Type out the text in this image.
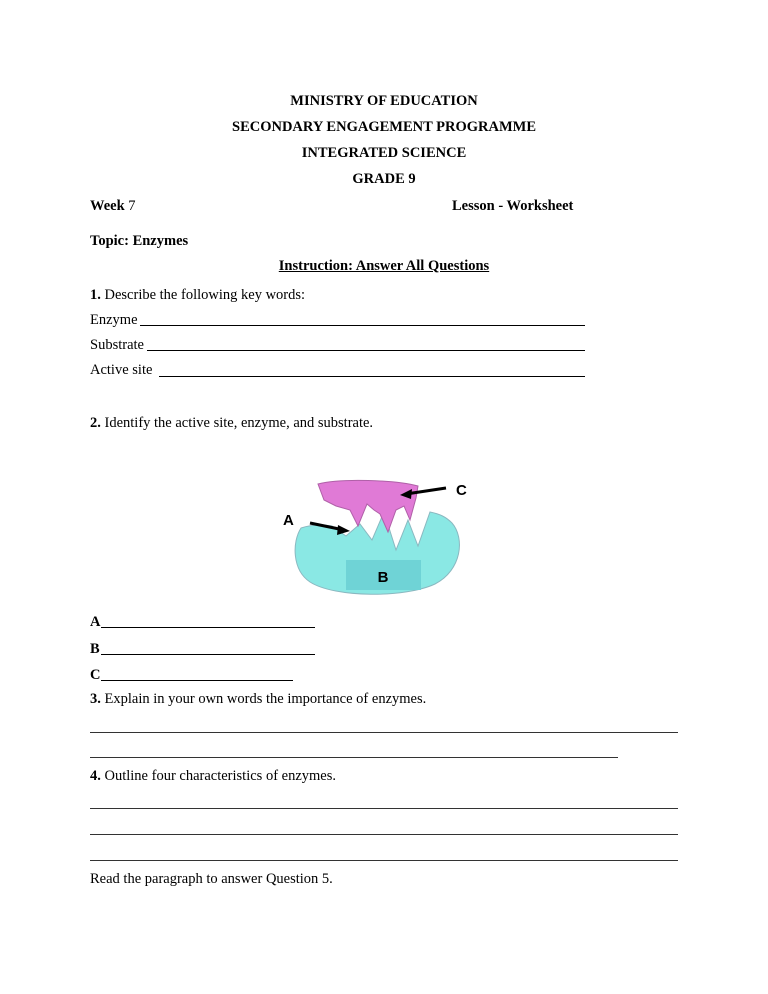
MINISTRY OF EDUCATION
SECONDARY ENGAGEMENT PROGRAMME
INTEGRATED SCIENCE
GRADE 9
Week 7	Lesson - Worksheet
Topic: Enzymes
Instruction: Answer All Questions
1. Describe the following key words:
Enzyme
Substrate
Active site
2. Identify the active site, enzyme, and substrate.
B
C
A
A
B
C
3. Explain in your own words the importance of enzymes.
4. Outline four characteristics of enzymes.
Read the paragraph to answer Question 5.
